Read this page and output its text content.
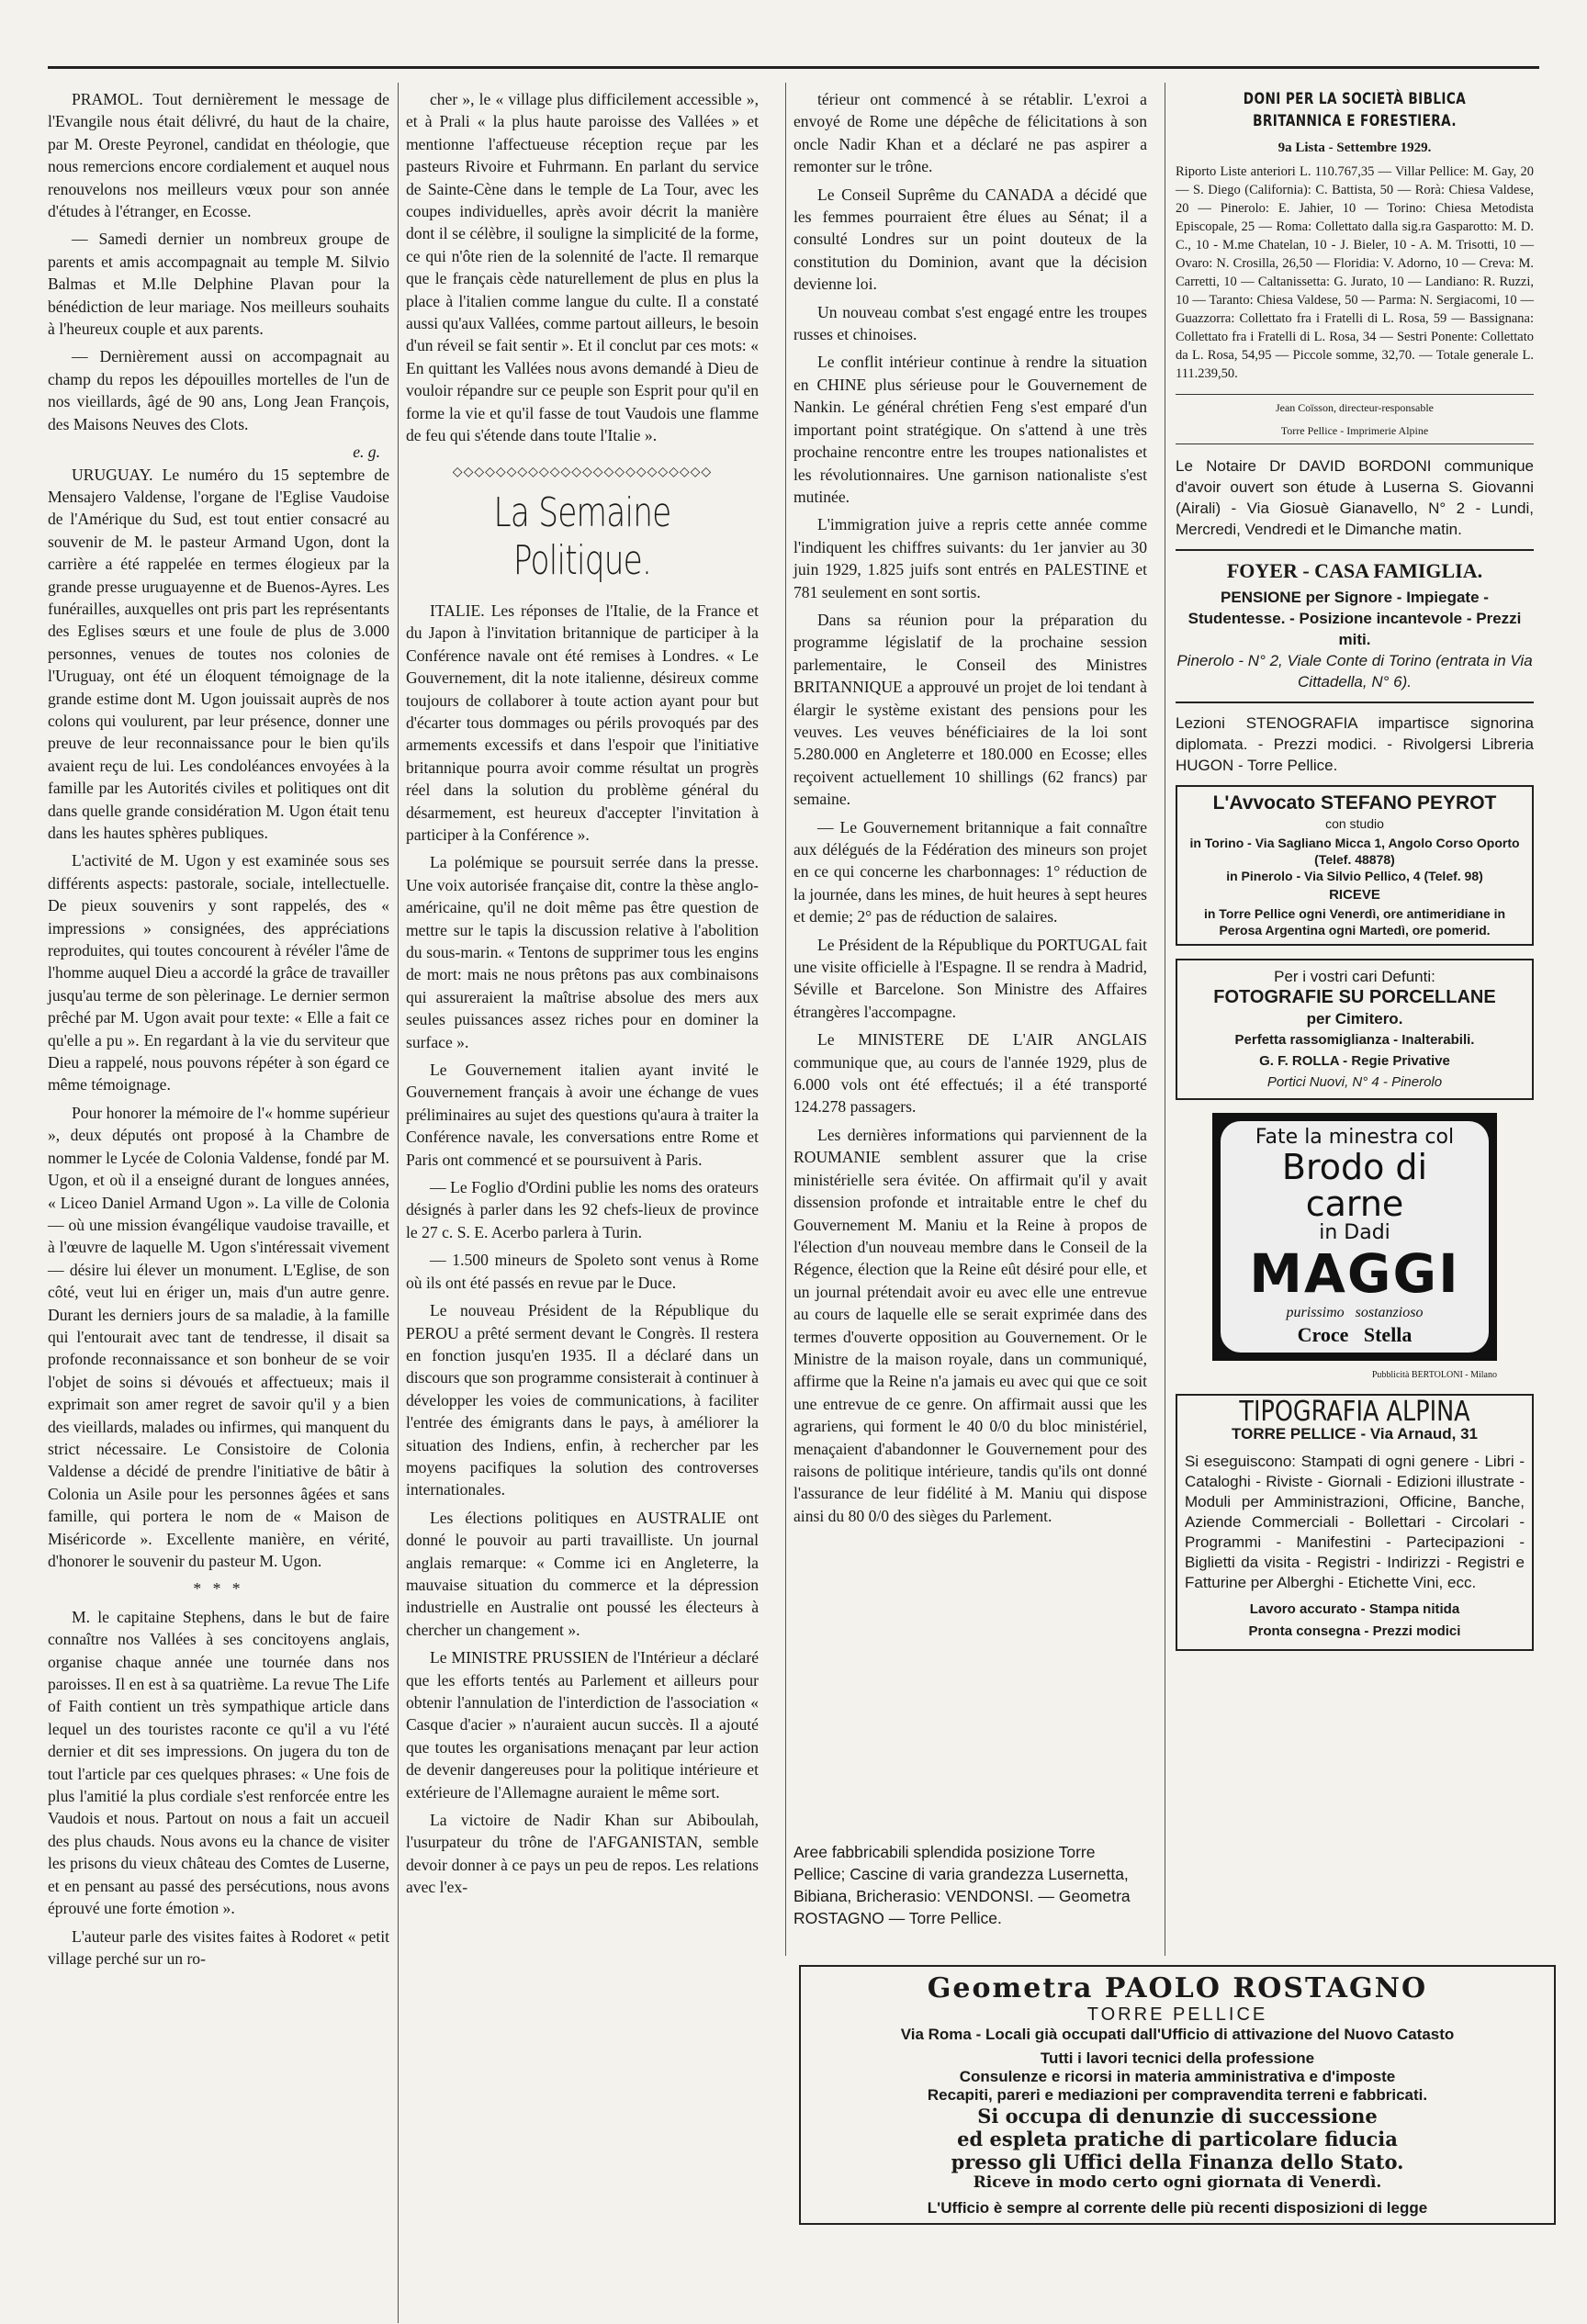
PRAMOL. Tout dernièrement le message de l'Evangile nous était délivré, du haut de la chaire, par M. Oreste Peyronel, candidat en théologie, que nous remercions encore cordialement et auquel nous renouvelons nos meilleurs vœux pour son année d'études à l'étranger, en Ecosse.

— Samedi dernier un nombreux groupe de parents et amis accompagnait au temple M. Silvio Balmas et M.lle Delphine Plavan pour la bénédiction de leur mariage. Nos meilleurs souhaits à l'heureux couple et aux parents.

— Dernièrement aussi on accompagnait au champ du repos les dépouilles mortelles de l'un de nos vieillards, âgé de 90 ans, Long Jean François, des Maisons Neuves des Clots.

e. g.

URUGUAY. Le numéro du 15 septembre de Mensajero Valdense, l'organe de l'Eglise Vaudoise de l'Amérique du Sud, est tout entier consacré au souvenir de M. le pasteur Armand Ugon, dont la carrière a été rappelée en termes élogieux par la grande presse uruguayenne et de Buenos-Ayres. Les funérailles, auxquelles ont pris part les représentants des Eglises sœurs et une foule de plus de 3.000 personnes, venues de toutes nos colonies de l'Uruguay, ont été un éloquent témoignage de la grande estime dont M. Ugon jouissait auprès de nos colons qui voulurent, par leur présence, donner une preuve de leur reconnaissance pour le bien qu'ils avaient reçu de lui. Les condoléances envoyées à la famille par les Autorités civiles et politiques ont dit dans quelle grande considération M. Ugon était tenu dans les hautes sphères publiques.

L'activité de M. Ugon y est examinée sous ses différents aspects: pastorale, sociale, intellectuelle. De pieux souvenirs y sont rappelés, des « impressions » consignées, des appréciations reproduites, qui toutes concourent à révéler l'âme de l'homme auquel Dieu a accordé la grâce de travailler jusqu'au terme de son pèlerinage. Le dernier sermon prêché par M. Ugon avait pour texte: « Elle a fait ce qu'elle a pu ». En regardant à la vie du serviteur que Dieu a rappelé, nous pouvons répéter à son égard ce même témoignage.

Pour honorer la mémoire de l'« homme supérieur », deux députés ont proposé à la Chambre de nommer le Lycée de Colonia Valdense, fondé par M. Ugon, et où il a enseigné durant de longues années, « Liceo Daniel Armand Ugon ». La ville de Colonia — où une mission évangélique vaudoise travaille, et à l'œuvre de laquelle M. Ugon s'intéressait vivement — désire lui élever un monument. L'Eglise, de son côté, veut lui en ériger un, mais d'un autre genre. Durant les derniers jours de sa maladie, à la famille qui l'entourait avec tant de tendresse, il disait sa profonde reconnaissance et son bonheur de se voir l'objet de soins si dévoués et affectueux; mais il exprimait son amer regret de savoir qu'il y a bien des vieillards, malades ou infirmes, qui manquent du strict nécessaire. Le Consistoire de Colonia Valdense a décidé de prendre l'initiative de bâtir à Colonia un Asile pour les personnes âgées et sans famille, qui portera le nom de « Maison de Miséricorde ». Excellente manière, en vérité, d'honorer le souvenir du pasteur M. Ugon.

* * *

M. le capitaine Stephens, dans le but de faire connaître nos Vallées à ses concitoyens anglais, organise chaque année une tournée dans nos paroisses. Il en est à sa quatrième. La revue The Life of Faith contient un très sympathique article dans lequel un des touristes raconte ce qu'il a vu l'été dernier et dit ses impressions. On jugera du ton de tout l'article par ces quelques phrases: « Une fois de plus l'amitié la plus cordiale s'est renforcée entre les Vaudois et nous. Partout on nous a fait un accueil des plus chauds. Nous avons eu la chance de visiter les prisons du vieux château des Comtes de Luserne, et en pensant au passé des persécutions, nous avons éprouvé une forte émotion ».

L'auteur parle des visites faites à Rodoret « petit village perché sur un ro-

cher », le « village plus difficilement accessible », et à Prali « la plus haute paroisse des Vallées » et mentionne l'affectueuse réception reçue par les pasteurs Rivoire et Fuhrmann. En parlant du service de Sainte-Cène dans le temple de La Tour, avec les coupes individuelles, après avoir décrit la manière dont il se célèbre, il souligne la simplicité de la forme, ce qui n'ôte rien de la solennité de l'acte. Il remarque que le français cède naturellement de plus en plus la place à l'italien comme langue du culte. Il a constaté aussi qu'aux Vallées, comme partout ailleurs, le besoin d'un réveil se fait sentir ». Et il conclut par ces mots: « En quittant les Vallées nous avons demandé à Dieu de vouloir répandre sur ce peuple son Esprit pour qu'il en forme la vie et qu'il fasse de tout Vaudois une flamme de feu qui s'étende dans toute l'Italie ».

◇◇◇◇◇◇◇◇◇◇◇◇◇◇◇◇◇◇◇◇◇◇◇◇
La Semaine Politique.

ITALIE. Les réponses de l'Italie, de la France et du Japon à l'invitation britannique de participer à la Conférence navale ont été remises à Londres. « Le Gouvernement, dit la note italienne, désireux comme toujours de collaborer à toute action ayant pour but d'écarter tous dommages ou périls provoqués par des armements excessifs et dans l'espoir que l'initiative britannique pourra avoir comme résultat un progrès réel dans la solution du problème général du désarmement, est heureux d'accepter l'invitation à participer à la Conférence ».

La polémique se poursuit serrée dans la presse. Une voix autorisée française dit, contre la thèse anglo-américaine, qu'il ne doit même pas être question de mettre sur le tapis la discussion relative à l'abolition du sous-marin. « Tentons de supprimer tous les engins de mort: mais ne nous prêtons pas aux combinaisons qui assureraient la maîtrise absolue des mers aux seules puissances assez riches pour en dominer la surface ».

Le Gouvernement italien ayant invité le Gouvernement français à avoir une échange de vues préliminaires au sujet des questions qu'aura à traiter la Conférence navale, les conversations entre Rome et Paris ont commencé et se poursuivent à Paris.

— Le Foglio d'Ordini publie les noms des orateurs désignés à parler dans les 92 chefs-lieux de province le 27 c. S. E. Acerbo parlera à Turin.

— 1.500 mineurs de Spoleto sont venus à Rome où ils ont été passés en revue par le Duce.

Le nouveau Président de la République du PEROU a prêté serment devant le Congrès. Il restera en fonction jusqu'en 1935. Il a déclaré dans un discours que son programme consisterait à continuer à développer les voies de communications, à faciliter l'entrée des émigrants dans le pays, à améliorer la situation des Indiens, enfin, à rechercher par les moyens pacifiques la solution des controverses internationales.

Les élections politiques en AUSTRALIE ont donné le pouvoir au parti travailliste. Un journal anglais remarque: « Comme ici en Angleterre, la mauvaise situation du commerce et la dépression industrielle en Australie ont poussé les électeurs à chercher un changement ».

Le MINISTRE PRUSSIEN de l'Intérieur a déclaré que les efforts tentés au Parlement et ailleurs pour obtenir l'annulation de l'interdiction de l'association « Casque d'acier » n'auraient aucun succès. Il a ajouté que toutes les organisations menaçant par leur action de devenir dangereuses pour la politique intérieure et extérieure de l'Allemagne auraient le même sort.

La victoire de Nadir Khan sur Abiboulah, l'usurpateur du trône de l'AFGANISTAN, semble devoir donner à ce pays un peu de repos. Les relations avec l'ex-

térieur ont commencé à se rétablir. L'exroi a envoyé de Rome une dépêche de félicitations à son oncle Nadir Khan et a déclaré ne pas aspirer a remonter sur le trône.

Le Conseil Suprême du CANADA a décidé que les femmes pourraient être élues au Sénat; il a consulté Londres sur un point douteux de la constitution du Dominion, avant que la décision devienne loi.

Un nouveau combat s'est engagé entre les troupes russes et chinoises.

Le conflit intérieur continue à rendre la situation en CHINE plus sérieuse pour le Gouvernement de Nankin. Le général chrétien Feng s'est emparé d'un important point stratégique. On s'attend à une très prochaine rencontre entre les troupes nationalistes et les révolutionnaires. Une garnison nationaliste s'est mutinée.

L'immigration juive a repris cette année comme l'indiquent les chiffres suivants: du 1er janvier au 30 juin 1929, 1.825 juifs sont entrés en PALESTINE et 781 seulement en sont sortis.

Dans sa réunion pour la préparation du programme législatif de la prochaine session parlementaire, le Conseil des Ministres BRITANNIQUE a approuvé un projet de loi tendant à élargir le système existant des pensions pour les veuves. Les veuves bénéficiaires de la loi sont 5.280.000 en Angleterre et 180.000 en Ecosse; elles reçoivent actuellement 10 shillings (62 francs) par semaine.

— Le Gouvernement britannique a fait connaître aux délégués de la Fédération des mineurs son projet en ce qui concerne les charbonnages: 1° réduction de la journée, dans les mines, de huit heures à sept heures et demie; 2° pas de réduction de salaires.

Le Président de la République du PORTUGAL fait une visite officielle à l'Espagne. Il se rendra à Madrid, Séville et Barcelone. Son Ministre des Affaires étrangères l'accompagne.

Le MINISTERE DE L'AIR ANGLAIS communique que, au cours de l'année 1929, plus de 6.000 vols ont été effectués; il a été transporté 124.278 passagers.

Les dernières informations qui parviennent de la ROUMANIE semblent assurer que la crise ministérielle sera évitée. On affirmait qu'il y avait dissension profonde et intraitable entre le chef du Gouvernement M. Maniu et la Reine à propos de l'élection d'un nouveau membre dans le Conseil de la Régence, élection que la Reine eût désiré pour elle, et un journal prétendait avoir eu avec elle une entrevue au cours de laquelle elle se serait exprimée dans des termes d'ouverte opposition au Gouvernement. Or le Ministre de la maison royale, dans un communiqué, affirme que la Reine n'a jamais eu avec qui que ce soit une entrevue de ce genre. On affirmait aussi que les agrariens, qui forment le 40 0/0 du bloc ministériel, menaçaient d'abandonner le Gouvernement pour des raisons de politique intérieure, tandis qu'ils ont donné l'assurance de leur fidélité à M. Maniu qui dispose ainsi du 80 0/0 des sièges du Parlement.

Aree fabbricabili splendida posizione Torre Pellice; Cascine di varia grandezza Lusernetta, Bibiana, Bricherasio: VENDONSI. — Geometra ROSTAGNO — Torre Pellice.
DONI PER LA SOCIETÀ BIBLICA BRITANNICA E FORESTIERA.
9a Lista - Settembre 1929.
Riporto Liste anteriori L. 110.767,35 — Villar Pellice: M. Gay, 20 — S. Diego (California): C. Battista, 50 — Rorà: Chiesa Valdese, 20 — Pinerolo: E. Jahier, 10 — Torino: Chiesa Metodista Episcopale, 25 — Roma: Collettato dalla sig.ra Gasparotto: M. D. C., 10 - M.me Chatelan, 10 - J. Bieler, 10 - A. M. Trisotti, 10 — Ovaro: N. Crosilla, 26,50 — Floridia: V. Adorno, 10 — Creva: M. Carretti, 10 — Caltanissetta: G. Jurato, 10 — Landiano: R. Ruzzi, 10 — Taranto: Chiesa Valdese, 50 — Parma: N. Sergiacomi, 10 — Guazzorra: Collettato fra i Fratelli di L. Rosa, 59 — Bassignana: Collettato fra i Fratelli di L. Rosa, 34 — Sestri Ponente: Collettato da L. Rosa, 54,95 — Piccole somme, 32,70. — Totale generale L. 111.239,50.
Jean Coïsson, directeur-responsable
Torre Pellice - Imprimerie Alpine
Le Notaire Dr DAVID BORDONI communique d'avoir ouvert son étude à Luserna S. Giovanni (Airali) - Via Giosuè Gianavello, N° 2 - Lundi, Mercredi, Vendredi et le Dimanche matin.
FOYER - CASA FAMIGLIA.
PENSIONE per Signore - Impiegate - Studentesse. - Posizione incantevole - Prezzi miti.
Pinerolo - N° 2, Viale Conte di Torino (entrata in Via Cittadella, N° 6).
Lezioni STENOGRAFIA impartisce signorina diplomata. - Prezzi modici. - Rivolgersi Libreria HUGON - Torre Pellice.
L'Avvocato STEFANO PEYROT
con studio
in Torino - Via Sagliano Micca 1, Angolo Corso Oporto (Telef. 48878)
in Pinerolo - Via Silvio Pellico, 4 (Telef. 98)
RICEVE
in Torre Pellice ogni Venerdì, ore antimeridiane in Perosa Argentina ogni Martedì, ore pomerid.
Per i vostri cari Defunti:
FOTOGRAFIE SU PORCELLANE
per Cimitero.
Perfetta rassomiglianza - Inalterabili.
G. F. ROLLA - Regie Privative
Portici Nuovi, N° 4 - Pinerolo
Fate la minestra col
Brodo di carne
in Dadi
MAGGI
purissimo   sostanzioso
Croce   Stella
Pubblicità BERTOLONI - Milano
TIPOGRAFIA ALPINA
TORRE PELLICE - Via Arnaud, 31
Si eseguiscono: Stampati di ogni genere - Libri - Cataloghi - Riviste - Giornali - Edizioni illustrate - Moduli per Amministrazioni, Officine, Banche, Aziende Commerciali - Bollettari - Circolari - Programmi - Manifestini - Partecipazioni - Biglietti da visita - Registri - Indirizzi - Registri e Fatturine per Alberghi - Etichette Vini, ecc.
Lavoro accurato - Stampa nitida
Pronta consegna - Prezzi modici
Geometra PAOLO ROSTAGNO
TORRE PELLICE
Via Roma - Locali già occupati dall'Ufficio di attivazione del Nuovo Catasto
Tutti i lavori tecnici della professione
Consulenze e ricorsi in materia amministrativa e d'imposte
Recapiti, pareri e mediazioni per compravendita terreni e fabbricati.
Si occupa di denunzie di successione
ed espleta pratiche di particolare fiducia
presso gli Uffici della Finanza dello Stato.
Riceve in modo certo ogni giornata di Venerdì.
L'Ufficio è sempre al corrente delle più recenti disposizioni di legge
